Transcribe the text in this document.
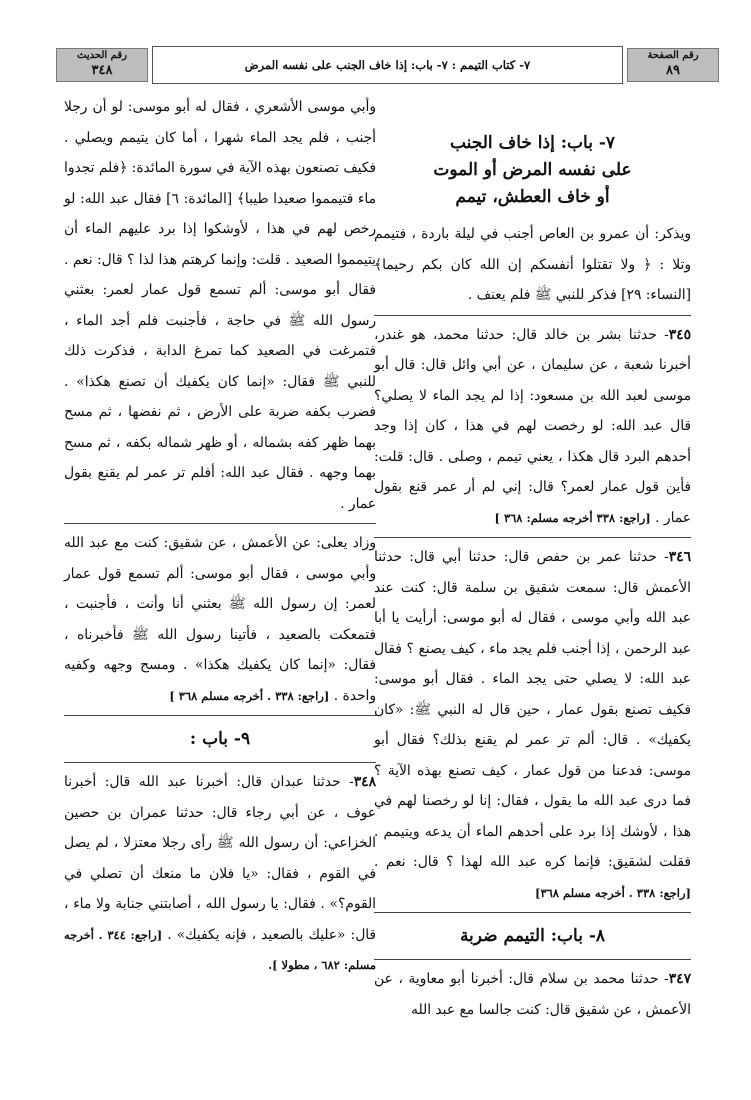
رقم الصفحة
٨٩
٧- كتاب التيمم : ٧- باب: إذا خاف الجنب على نفسه المرض
رقم الحديث
٣٤٨

٧- باب: إذا خاف الجنب

على نفسه المرض أو الموت

أو خاف العطش، تيمم

ويذكر: أن عمرو بن العاص أجنب في ليلة باردة ، فتيمم وتلا : ﴿ ولا تقتلوا أنفسكم إن الله كان بكم رحيما﴾ [النساء: ٢٩] فذكر للنبي ﷺ فلم يعنف .

٣٤٥- حدثنا بشر بن خالد قال: حدثنا محمد، هو غندر، أخبرنا شعبة ، عن سليمان ، عن أبي وائل قال: قال أبو موسى لعبد الله بن مسعود: إذا لم يجد الماء لا يصلي؟ قال عبد الله: لو رخصت لهم في هذا ، كان إذا وجد أحدهم البرد قال هكذا ، يعني تيمم ، وصلى . قال: قلت: فأين قول عمار لعمر؟ قال: إني لم أر عمر قنع بقول عمار . [راجع: ٣٣٨ أخرجه مسلم: ٣٦٨ ]

٣٤٦- حدثنا عمر بن حفص قال: حدثنا أبي قال: حدثنا الأعمش قال: سمعت شقيق بن سلمة قال: كنت عند عبد الله وأبي موسى ، فقال له أبو موسى: أرأيت يا أبا عبد الرحمن ، إذا أجنب فلم يجد ماء ، كيف يصنع ؟ فقال عبد الله: لا يصلي حتى يجد الماء . فقال أبو موسى: فكيف تصنع بقول عمار ، حين قال له النبي ﷺ: «كان يكفيك» . قال: ألم تر عمر لم يقنع بذلك؟ فقال أبو موسى: فدعنا من قول عمار ، كيف تصنع بهذه الآية ؟ فما درى عبد الله ما يقول ، فقال: إنا لو رخصنا لهم في هذا ، لأوشك إذا برد على أحدهم الماء أن يدعه ويتيمم . فقلت لشقيق: فإنما كره عبد الله لهذا ؟ قال: نعم . [راجع: ٣٣٨ . أخرجه مسلم ٣٦٨]

٨- باب: التيمم ضربة

٣٤٧- حدثنا محمد بن سلام قال: أخبرنا أبو معاوية ، عن الأعمش ، عن شقيق قال: كنت جالسا مع عبد الله

وأبي موسى الأشعري ، فقال له أبو موسى: لو أن رجلا أجنب ، فلم يجد الماء شهرا ، أما كان يتيمم ويصلي . فكيف تصنعون بهذه الآية في سورة المائدة: ﴿فلم تجدوا ماء فتيمموا صعيدا طيبا﴾ [المائدة: ٦] فقال عبد الله: لو رخص لهم في هذا ، لأوشكوا إذا برد عليهم الماء أن يتيمموا الصعيد . قلت: وإنما كرهتم هذا لذا ؟ قال: نعم . فقال أبو موسى: ألم تسمع قول عمار لعمر: بعثني رسول الله ﷺ في حاجة ، فأجنبت فلم أجد الماء ، فتمرغت في الصعيد كما تمرغ الدابة ، فذكرت ذلك للنبي ﷺ فقال: «إنما كان يكفيك أن تصنع هكذا» . فضرب بكفه ضربة على الأرض ، ثم نفضها ، ثم مسح بهما ظهر كفه بشماله ، أو ظهر شماله بكفه ، ثم مسح بهما وجهه . فقال عبد الله: أفلم تر عمر لم يقنع بقول عمار .

وزاد يعلى: عن الأعمش ، عن شقيق: كنت مع عبد الله وأبي موسى ، فقال أبو موسى: ألم تسمع قول عمار لعمر: إن رسول الله ﷺ بعثني أنا وأنت ، فأجنبت ، فتمعكت بالصعيد ، فأتينا رسول الله ﷺ فأخبرناه ، فقال: «إنما كان يكفيك هكذا» . ومسح وجهه وكفيه واحدة . [راجع: ٣٣٨ . أخرجه مسلم ٣٦٨ ]

٩- باب :

٣٤٨- حدثنا عبدان قال: أخبرنا عبد الله قال: أخبرنا عوف ، عن أبي رجاء قال: حدثنا عمران بن حصين الخزاعي: أن رسول الله ﷺ رأى رجلا معتزلا ، لم يصل في القوم ، فقال: «يا فلان ما منعك أن تصلي في القوم؟» . فقال: يا رسول الله ، أصابتني جنابة ولا ماء ، قال: «عليك بالصعيد ، فإنه يكفيك» . [راجع: ٣٤٤ . أخرجه مسلم: ٦٨٢ ، مطولا ].
